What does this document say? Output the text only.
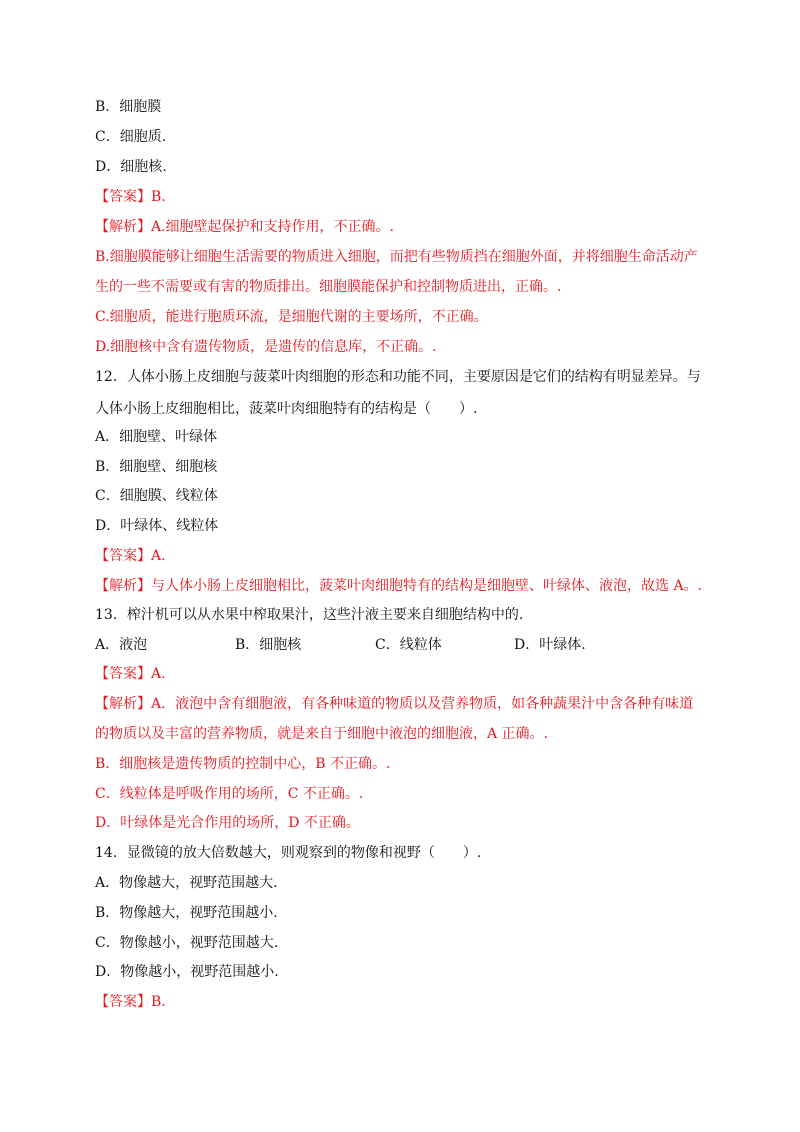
B．细胞膜
C．细胞质.
D．细胞核.
【答案】B.
【解析】A.细胞壁起保护和支持作用，不正确。.
B.细胞膜能够让细胞生活需要的物质进入细胞，而把有些物质挡在细胞外面，并将细胞生命活动产
生的一些不需要或有害的物质排出。细胞膜能保护和控制物质进出，正确。.
C.细胞质，能进行胞质环流，是细胞代谢的主要场所，不正确。
D.细胞核中含有遗传物质，是遗传的信息库，不正确。.
12．人体小肠上皮细胞与菠菜叶肉细胞的形态和功能不同，主要原因是它们的结构有明显差异。与
人体小肠上皮细胞相比，菠菜叶肉细胞特有的结构是（　　）.
A．细胞壁、叶绿体
B．细胞壁、细胞核
C．细胞膜、线粒体
D．叶绿体、线粒体
【答案】A.
【解析】与人体小肠上皮细胞相比，菠菜叶肉细胞特有的结构是细胞壁、叶绿体、液泡，故选 A。.
13．榨汁机可以从水果中榨取果汁，这些汁液主要来自细胞结构中的.
A．液泡	B．细胞核	C．线粒体	D．叶绿体.
【答案】A.
【解析】A．液泡中含有细胞液，有各种味道的物质以及营养物质，如各种蔬果汁中含各种有味道
的物质以及丰富的营养物质，就是来自于细胞中液泡的细胞液，A 正确。.
B．细胞核是遗传物质的控制中心，B 不正确。.
C．线粒体是呼吸作用的场所，C 不正确。.
D．叶绿体是光合作用的场所，D 不正确。
14．显微镜的放大倍数越大，则观察到的物像和视野（　　）.
A．物像越大，视野范围越大.
B．物像越大，视野范围越小.
C．物像越小，视野范围越大.
D．物像越小，视野范围越小.
【答案】B.
